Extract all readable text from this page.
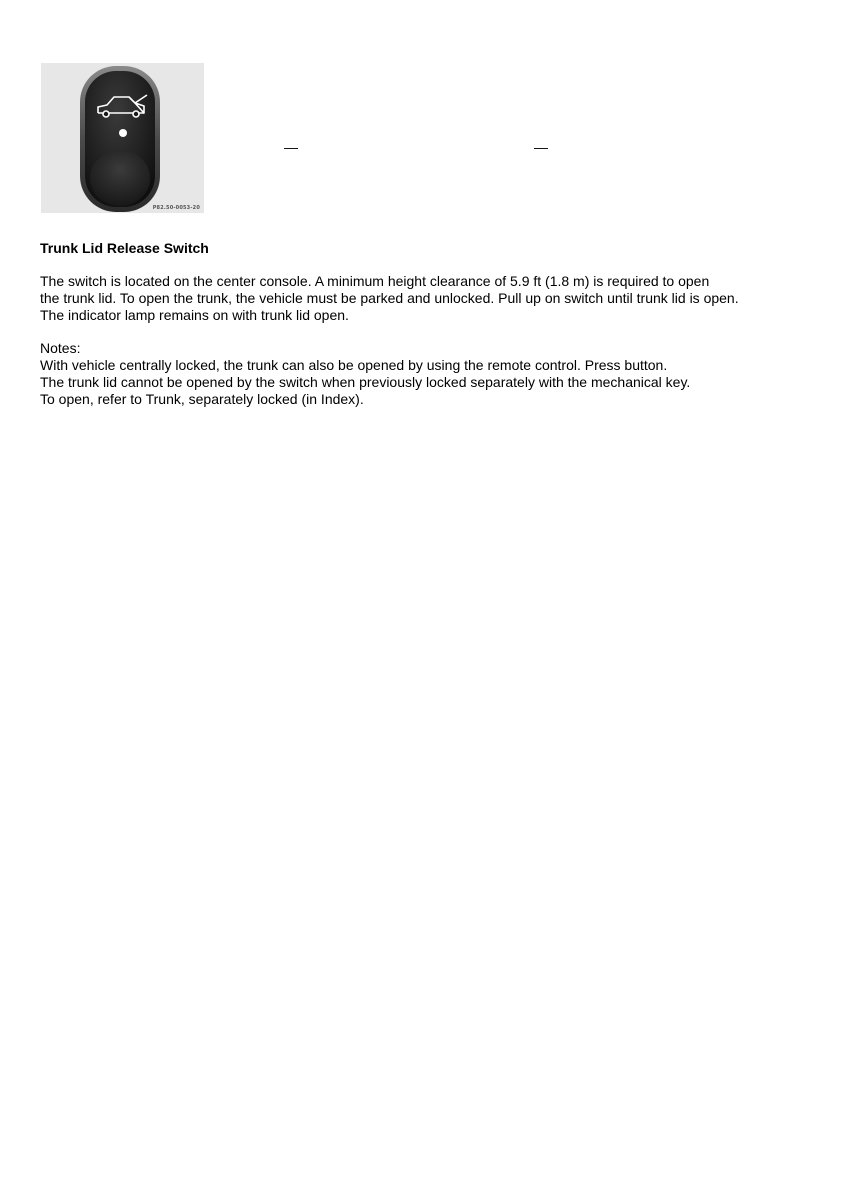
P82.50-0053-20
—	—

Trunk Lid Release Switch

The switch is located on the center console. A minimum height clearance of 5.9 ft (1.8 m) is required to open
the trunk lid. To open the trunk, the vehicle must be parked and unlocked. Pull up on switch until trunk lid is open.
The indicator lamp remains on with trunk lid open.

Notes:
With vehicle centrally locked, the trunk can also be opened by using the remote control. Press button.
The trunk lid cannot be opened by the switch when previously locked separately with the mechanical key.
To open, refer to Trunk, separately locked (in Index).
